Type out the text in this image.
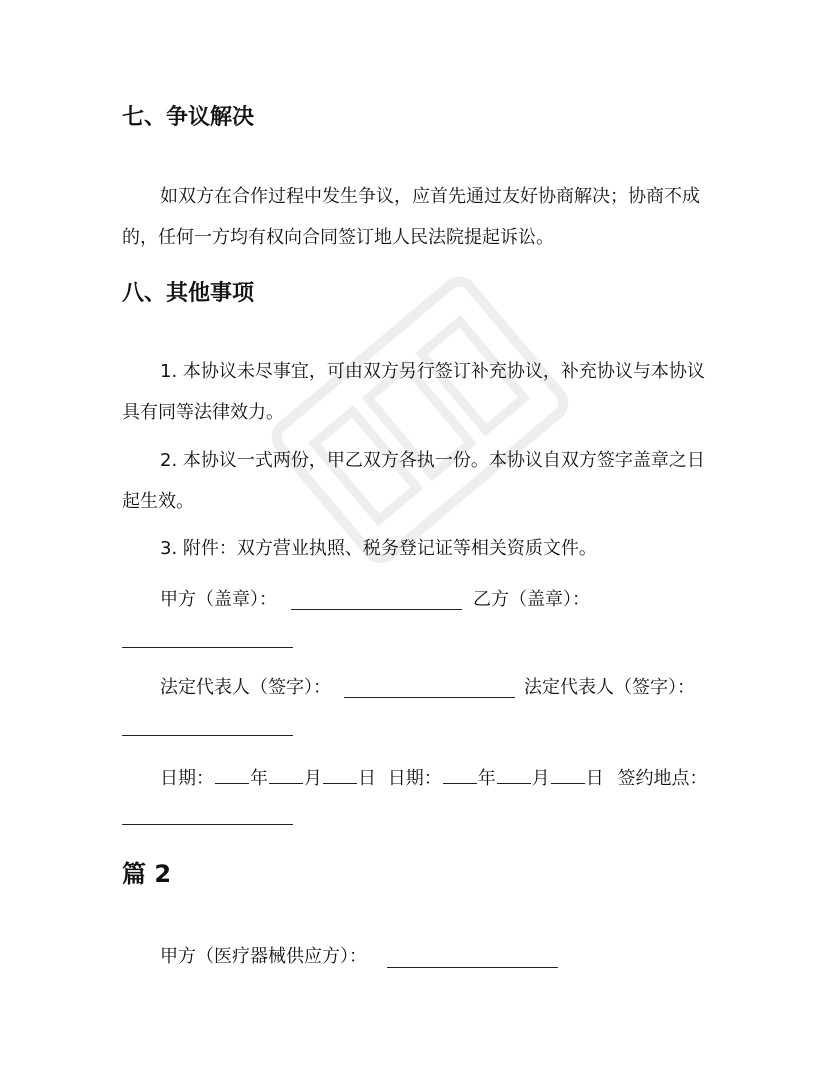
七、争议解决

如双方在合作过程中发生争议，应首先通过友好协商解决；协商不成的，任何一方均有权向合同签订地人民法院提起诉讼。

八、其他事项

1. 本协议未尽事宜，可由双方另行签订补充协议，补充协议与本协议具有同等法律效力。

2. 本协议一式两份，甲乙双方各执一份。本协议自双方签字盖章之日起生效。

3. 附件：双方营业执照、税务登记证等相关资质文件。

甲方（盖章）：	乙方（盖章）：
法定代表人（签字）：	法定代表人（签字）：
日期： 年 月 日 日期： 年 月 日 签约地点：
篇 2
甲方（医疗器械供应方）：
